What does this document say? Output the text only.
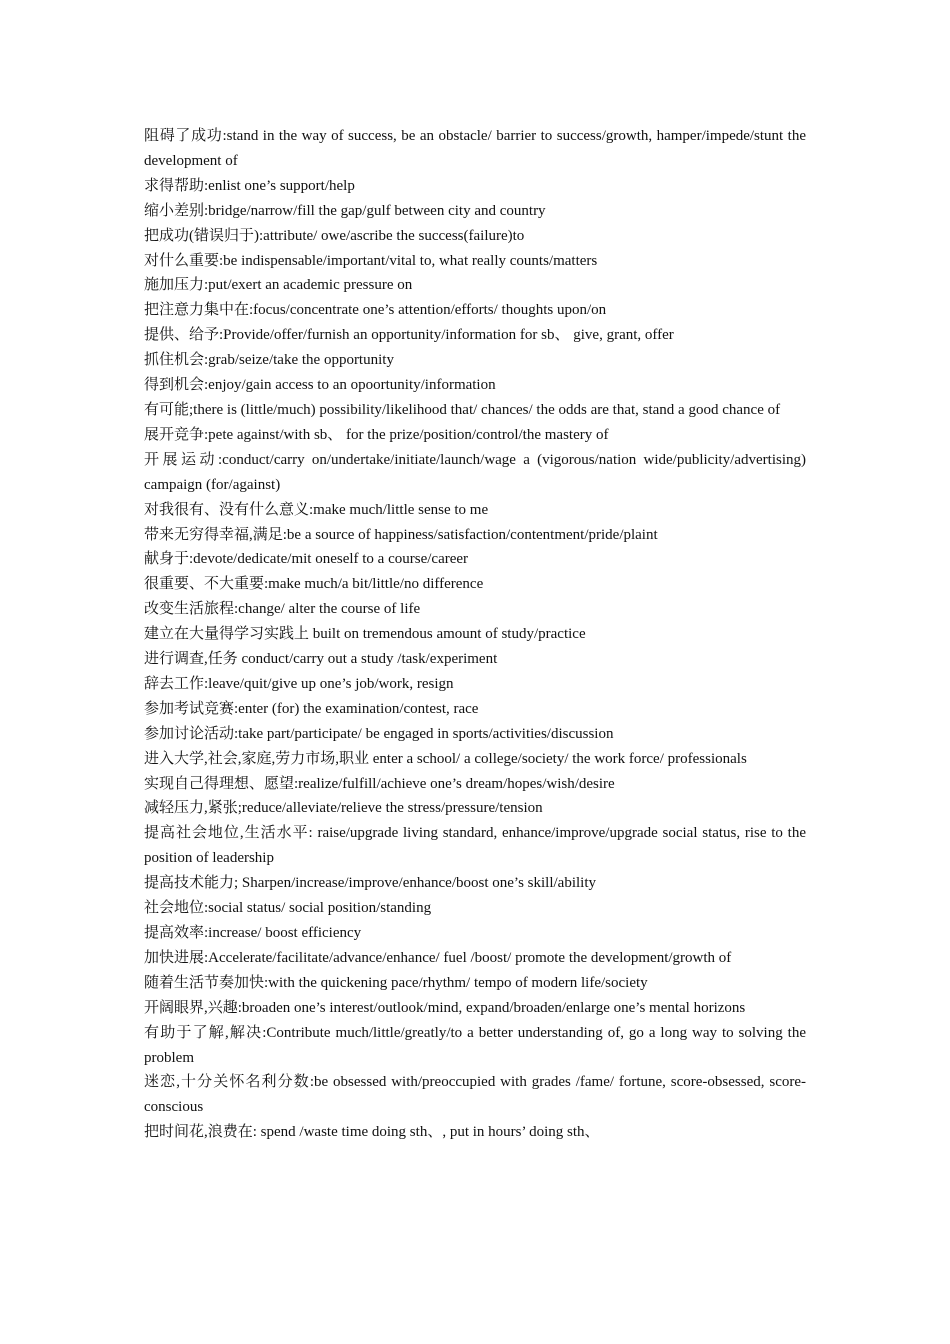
阻碍了成功:stand in the way of success, be an obstacle/ barrier to success/growth, hamper/impede/stunt the development of

求得帮助:enlist one’s support/help

缩小差别:bridge/narrow/fill the gap/gulf between city and country

把成功(错误归于):attribute/ owe/ascribe the success(failure)to

对什么重要:be indispensable/important/vital to, what really counts/matters

施加压力:put/exert an academic pressure on

把注意力集中在:focus/concentrate one’s attention/efforts/ thoughts upon/on

提供、给予:Provide/offer/furnish an opportunity/information for sb、 give, grant, offer

抓住机会:grab/seize/take the opportunity

得到机会:enjoy/gain access to an opoortunity/information

有可能;there is (little/much) possibility/likelihood that/ chances/ the odds are that, stand a good chance of

展开竞争:pete against/with sb、 for the prize/position/control/the mastery of

开展运动:conduct/carry on/undertake/initiate/launch/wage a (vigorous/nation wide/publicity/advertising) campaign (for/against)

对我很有、没有什么意义:make much/little sense to me

带来无穷得幸福,满足:be a source of happiness/satisfaction/contentment/pride/plaint

献身于:devote/dedicate/mit oneself to a course/career

很重要、不大重要:make much/a bit/little/no difference

改变生活旅程:change/ alter the course of life

建立在大量得学习实践上 built on tremendous amount of study/practice

进行调查,任务 conduct/carry out a study /task/experiment

辞去工作:leave/quit/give up one’s job/work, resign

参加考试竞赛:enter (for) the examination/contest, race

参加讨论活动:take part/participate/ be engaged in sports/activities/discussion

进入大学,社会,家庭,劳力市场,职业 enter a school/ a college/society/ the work force/ professionals

实现自己得理想、愿望:realize/fulfill/achieve one’s dream/hopes/wish/desire

减轻压力,紧张;reduce/alleviate/relieve the stress/pressure/tension

提高社会地位,生活水平: raise/upgrade living standard, enhance/improve/upgrade social status, rise to the position of leadership

提高技术能力; Sharpen/increase/improve/enhance/boost one’s skill/ability

社会地位:social status/ social position/standing

提高效率:increase/ boost efficiency

加快进展:Accelerate/facilitate/advance/enhance/ fuel /boost/ promote the development/growth of

随着生活节奏加快:with the quickening pace/rhythm/ tempo of modern life/society

开阔眼界,兴趣:broaden one’s interest/outlook/mind, expand/broaden/enlarge one’s mental horizons

有助于了解,解决:Contribute much/little/greatly/to a better understanding of, go a long way to solving the problem

迷恋,十分关怀名利分数:be obsessed with/preoccupied with grades /fame/ fortune, score-obsessed, score-conscious

把时间花,浪费在: spend /waste time doing sth、, put in hours’ doing sth、
